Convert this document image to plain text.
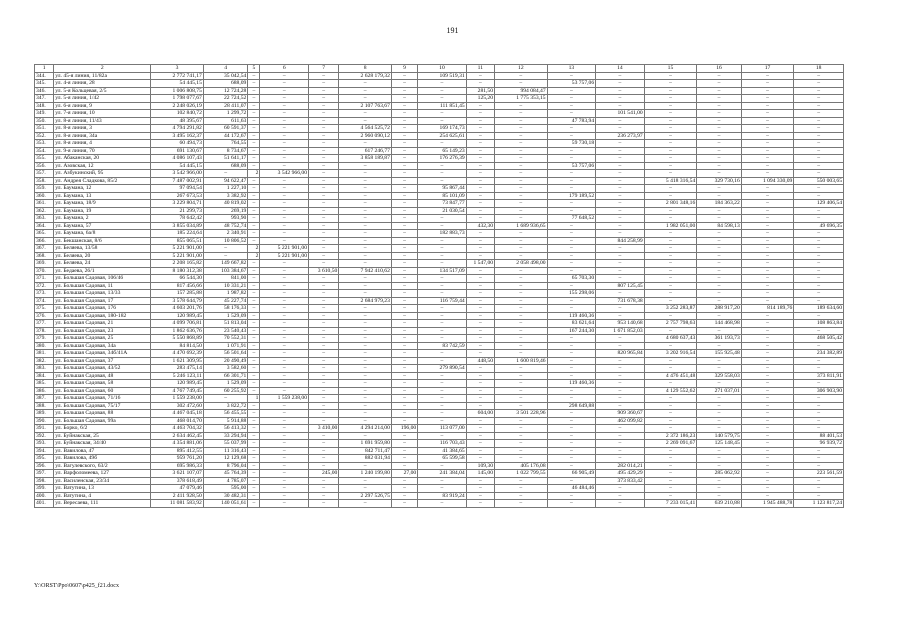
191
1	2	3	4	5	6	7	8	9	10	11	12	13	14	15	16	17	18
344.	ул. 45-я линия, 11/82а	2 772 741,17	35 042,54	–	–	–	2 628 179,32	–	109 519,31	–	–	–	–	–	–	–	–
345.	ул. 4-я линия, 28	54 445,15	688,09	–	–	–	–	–	–	–	–	53 757,06	–	–	–	–	–
346.	ул. 5-я Кольцевая, 2/5	1 006 808,75	12 724,28	–	–	–	–	–	–	281,50	994 084,47	–	–	–	–	–	–
347.	ул. 5-я линия, 1/42	1 798 077,67	22 724,52	–	–	–	–	–	–	125,20	1 775 353,15	–	–	–	–	–	–
348.	ул. 6-я линия, 9	2 248 026,19	28 411,07	–	–	–	2 107 763,67	–	111 851,45	–	–	–	–	–	–	–	–
349.	ул. 7-я линия, 10	102 840,72	1 299,72	–	–	–	–	–	–	–	–	–	101 541,00	–	–	–	–
350.	ул. 8-я линия, 11/43	48 395,67	611,63	–	–	–	–	–	–	–	–	47 783,94	–	–	–	–	–
351.	ул. 8-я линия, 3	4 794 291,82	60 591,37	–	–	–	4 564 525,72	–	169 174,73	–	–	–	–	–	–	–	–
352.	ул. 8-я линия, 34а	3 495 162,37	44 172,67	–	–	–	2 960 090,12	–	254 625,61	–	–	–	236 273,97	–	–	–	–
353.	ул. 8-я линия, 4	60 494,73	764,55	–	–	–	–	–	–	–	–	59 730,18	–	–	–	–	–
354.	ул. 9-я линия, 70	691 130,67	8 734,67	–	–	–	617 246,77	–	65 149,23	–	–	–	–	–	–	–	–
355.	ул. Абаканская, 20	4 086 107,43	51 641,17	–	–	–	3 858 189,87	–	176 276,39	–	–	–	–	–	–	–	–
356.	ул. Азовская, 12	54 445,15	688,09	–	–	–	–	–	–	–	–	53 757,06	–	–	–	–	–
357.	ул. Азбукинский, 95	3 542 966,00	–	2	3 542 966,00	–	–	–	–	–	–	–	–	–	–	–	–
358.	ул. Андрея Сладкова, 85/2	7 487 002,91	94 622,47	–	–	–	–	–	–	–	–	–	–	5 418 316,54	329 730,16	1 094 330,09	550 003,65
359.	ул. Баумана, 12	97 094,54	1 227,10	–	–	–	–	–	95 867,44	–	–	–	–	–	–	–	–
360.	ул. Баумана, 13	267 673,53	3 382,92	–	–	–	–	–	85 101,09	–	–	179 189,52	–	–	–	–	–
361.	ул. Баумана, 18/9	3 229 804,71	40 819,02	–	–	–	–	–	73 847,77	–	–	–	–	2 801 348,16	184 363,22	–	129 406,54
362.	ул. Баумана, 19	21 299,73	269,19	–	–	–	–	–	21 030,54	–	–	–	–	–	–	–	–
363.	ул. Баумана, 2	78 642,42	993,90	–	–	–	–	–	–	–	–	77 648,52	–	–	–	–	–
364.	ул. Баумана, 57	3 855 034,89	48 752,74	–	–	–	–	–	–	432,30	1 689 936,65	–	–	1 982 051,00	84 598,13	–	49 696,35
365.	ул. Баумана, 6а/8	185 224,64	2 340,91	–	–	–	–	–	182 883,73	–	–	–	–	–	–	–	–
366.	ул. Бекшанская, 8/6	855 065,51	10 806,52	–	–	–	–	–	–	–	–	–	844 258,99	–	–	–	–
367.	ул. Беляева, 13/58	5 221 901,00	–	2	5 221 901,00	–	–	–	–	–	–	–	–	–	–	–	–
368.	ул. Беляева, 20	5 221 901,00	–	2	5 221 901,00	–	–	–	–	–	–	–	–	–	–	–	–
369.	ул. Беляева, 24	2 208 165,82	149 667,82	–	–	–	–	–	–	1 547,00	2 058 498,00	–	–	–	–	–	–
370.	ул. Бедаева, 26/1	8 180 312,38	103 384,67	–	–	3 610,50	7 942 410,62	–	134 517,09	–	–	–	–	–	–	–	–
371.	ул. Большая Садовая, 106/46	66 544,30	841,00	–	–	–	–	–	–	–	–	65 703,30	–	–	–	–	–
372.	ул. Большая Садовая, 11	817 456,66	10 331,21	–	–	–	–	–	–	–	–	–	807 125,45	–	–	–	–
373.	ул. Большая Садовая, 13/33	157 285,88	1 987,82	–	–	–	–	–	–	–	–	155 298,06	–	–	–	–	–
374.	ул. Большая Садовая, 17	3 578 644,79	45 227,74	–	–	–	2 684 979,23	–	116 759,44	–	–	–	731 678,38	–	–	–	–
375.	ул. Большая Садовая, 176	4 603 201,76	58 176,33	–	–	–	–	–	–	–	–	–	–	3 252 283,87	288 917,20	814 189,76	189 634,60
376.	ул. Большая Садовая, 180-182	120 989,45	1 529,09	–	–	–	–	–	–	–	–	119 460,36	–	–	–	–	–
377.	ул. Большая Садовая, 21	4 099 706,81	51 813,04	–	–	–	–	–	–	–	–	83 621,64	953 140,68	2 757 798,63	144 468,98	–	108 863,84
378.	ул. Большая Садовая, 23	1 862 636,76	23 540,43	–	–	–	–	–	–	–	–	167 244,30	1 671 852,03	–	–	–	–
379.	ул. Большая Садовая, 25	5 550 868,89	70 552,31	–	–	–	–	–	–	–	–	–	–	4 680 637,43	361 193,73	–	468 505,42
380.	ул. Большая Садовая, 34а	84 814,50	1 071,91	–	–	–	–	–	83 742,59	–	–	–	–	–	–	–	–
381.	ул. Большая Садовая, 34б/41А	4 470 692,39	56 501,64	–	–	–	–	–	–	–	–	–	820 965,84	3 202 916,54	155 925,48	–	234 382,89
382.	ул. Большая Садовая, 37	1 621 309,95	20 490,49	–	–	–	–	–	–	448,50	1 600 819,46	–	–	–	–	–	–
383.	ул. Большая Садовая, 43/52	283 475,14	3 582,60	–	–	–	–	–	279 890,54	–	–	–	–	–	–	–	–
384.	ул. Большая Садовая, 48	5 246 123,11	66 301,71	–	–	–	–	–	–	–	–	–	–	4 476 451,48	329 558,03	–	373 811,91
385.	ул. Большая Садовая, 58	120 989,45	1 529,09	–	–	–	–	–	–	–	–	119 460,36	–	–	–	–	–
386.	ул. Большая Садовая, 60	4 767 749,45	60 255,92	–	–	–	–	–	–	–	–	–	–	4 129 552,62	271 037,01	–	306 903,90
387.	ул. Большая Садовая, 71/16	1 559 238,00	–	1	1 559 238,00	–	–	–	–	–	–	–	–	–	–	–	–
388.	ул. Большая Садовая, 75/17	302 472,60	3 822,72	–	–	–	–	–	–	–	–	298 649,88	–	–	–	–	–
389.	ул. Большая Садовая, 88	4 467 045,18	56 455,55	–	–	–	–	–	–	604,00	3 501 228,96	–	909 360,67	–	–	–	–
390.	ул. Большая Садовая, 99а	468 014,70	5 914,88	–	–	–	–	–	–	–	–	–	462 099,82	–	–	–	–
391.	ул. Борко, 6/2	4 463 704,32	56 413,32	–	–	3 410,00	4 294 214,00	196,00	113 077,00	–	–	–	–	–	–	–	–
392.	ул. Буйнакская, 25	2 634 462,45	33 294,94	–	–	–	–	–	–	–	–	–	–	2 372 186,23	140 579,75	–	88 401,53
393.	ул. Буйнакская, 34/40	4 354 881,06	55 037,99	–	–	–	1 691 959,80	–	116 703,43	–	–	–	–	2 269 091,67	125 148,45	–	96 939,72
394.	ул. Вавилова, 47	895 412,55	11 316,43	–	–	–	842 711,47	–	41 384,65	–	–	–	–	–	–	–	–
395.	ул. Вавилова, 49б	959 761,20	12 129,68	–	–	–	882 031,94	–	65 599,58	–	–	–	–	–	–	–	–
396.	ул. Вагулевского, 63/2	695 986,33	8 796,04	–	–	–	–	–	–	109,30	405 176,08	–	282 014,21	–	–	–	–
397.	ул. Варфоломеева, 127	3 621 107,07	45 764,39	–	–	245,00	1 240 199,80	27,00	241 384,04	145,00	1 022 799,55	66 905,49	495 429,29	–	285 062,92	–	223 561,59
398.	ул. Василенская, 23/34	378 618,49	4 785,07	–	–	–	–	–	–	–	–	–	373 833,42	–	–	–	–
399.	ул. Ватутина, 13	47 079,46	595,00	–	–	–	–	–	–	–	–	46 484,46	–	–	–	–	–
400.	ул. Ватутина, 4	2 411 928,50	30 482,31	–	–	–	2 297 526,75	–	83 919,24	–	–	–	–	–	–	–	–
401.	ул. Вересаева, 111	11 081 583,92	140 051,61	–	–	–	–	–	–	–	–	–	–	7 233 015,41	639 210,88	1 945 488,78	1 123 817,24
Y:\ORST\Ppo\0607\p425_f21.docx
